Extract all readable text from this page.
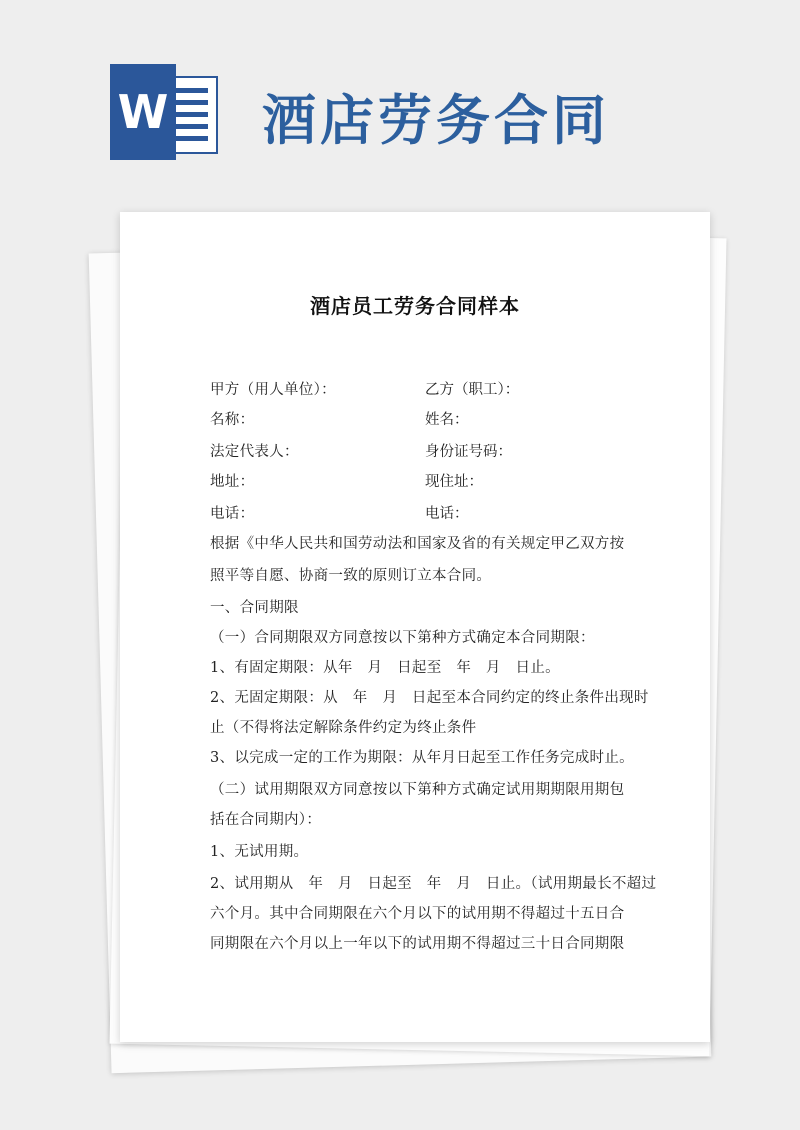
W 酒店劳务合同
酒店员工劳务合同样本
甲方（用人单位）：	乙方（职工）：
名称：	姓名：
法定代表人：	身份证号码：
地址：	现住址：
电话：	电话：
根据《中华人民共和国劳动法和国家及省的有关规定甲乙双方按
照平等自愿、协商一致的原则订立本合同。
一、合同期限
（一）合同期限双方同意按以下第种方式确定本合同期限：
1、有固定期限：从年　月　日起至　年　月　日止。
2、无固定期限：从　年　月　日起至本合同约定的终止条件出现时
止（不得将法定解除条件约定为终止条件
3、以完成一定的工作为期限：从年月日起至工作任务完成时止。
（二）试用期限双方同意按以下第种方式确定试用期期限用期包
括在合同期内）：
1、无试用期。
2、试用期从　年　月　日起至　年　月　日止。（试用期最长不超过
六个月。其中合同期限在六个月以下的试用期不得超过十五日合
同期限在六个月以上一年以下的试用期不得超过三十日合同期限
